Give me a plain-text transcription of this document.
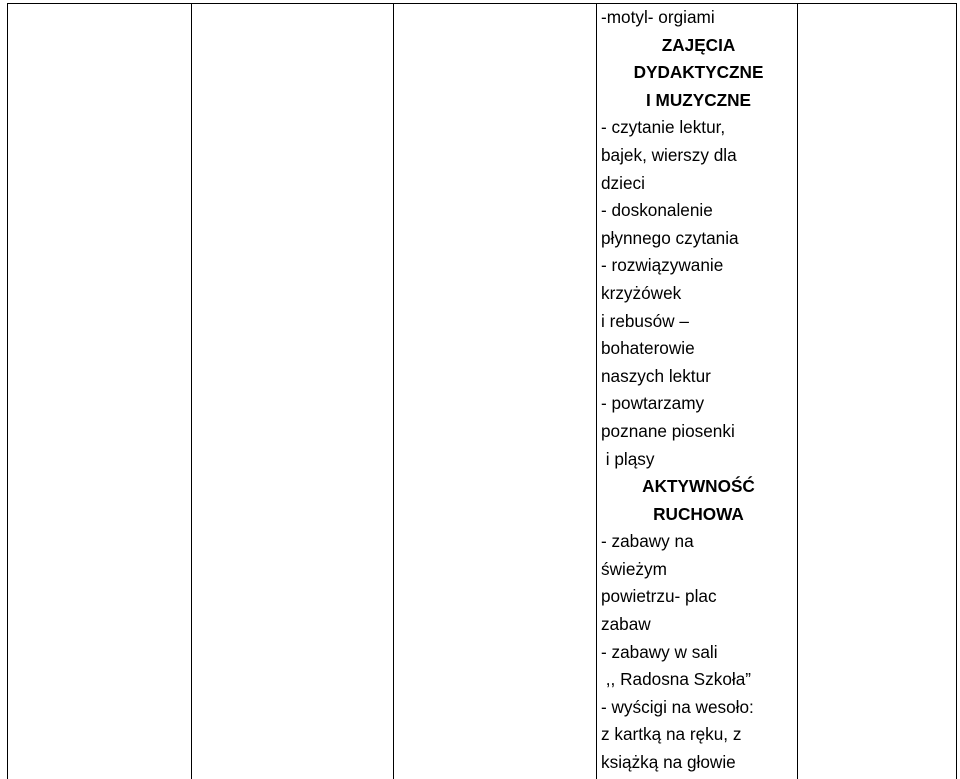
-motyl- orgiami
ZAJĘCIA
DYDAKTYCZNE
I MUZYCZNE
- czytanie lektur,
bajek, wierszy dla
dzieci
- doskonalenie
płynnego czytania
- rozwiązywanie
krzyżówek
i rebusów –
bohaterowie
naszych lektur
- powtarzamy
poznane piosenki
i pląsy
AKTYWNOŚĆ
RUCHOWA
- zabawy na
świeżym
powietrzu- plac
zabaw
- zabawy w sali
,, Radosna Szkoła”
- wyścigi na wesoło:
z kartką na ręku, z
książką na głowie
